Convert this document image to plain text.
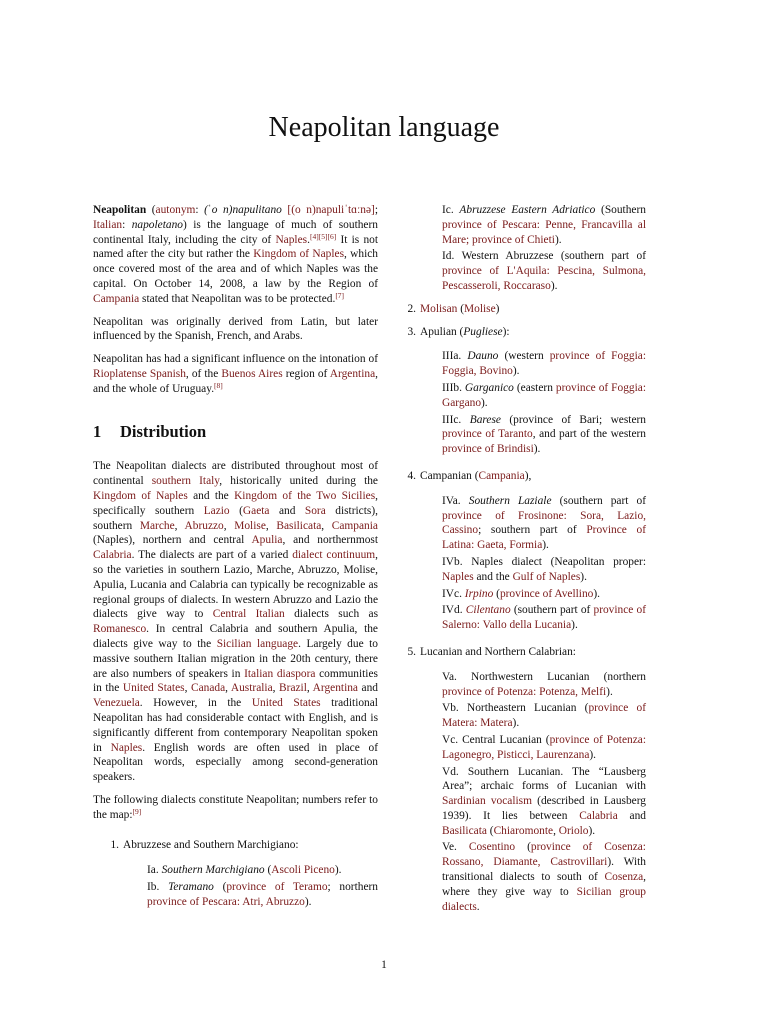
Neapolitan language

Neapolitan (autonym: (ˈo n)napulitano [(o n)napuliˈtɑːnə]; Italian: napoletano) is the language of much of southern continental Italy, including the city of Naples.[4][5][6] It is not named after the city but rather the Kingdom of Naples, which once covered most of the area and of which Naples was the capital. On October 14, 2008, a law by the Region of Campania stated that Neapolitan was to be protected.[7]

Neapolitan was originally derived from Latin, but later influenced by the Spanish, French, and Arabs.

Neapolitan has had a significant influence on the intonation of Rioplatense Spanish, of the Buenos Aires region of Argentina, and the whole of Uruguay.[8]

1 Distribution

The Neapolitan dialects are distributed throughout most of continental southern Italy, historically united during the Kingdom of Naples and the Kingdom of the Two Sicilies, specifically southern Lazio (Gaeta and Sora districts), southern Marche, Abruzzo, Molise, Basilicata, Campania (Naples), northern and central Apulia, and northernmost Calabria. The dialects are part of a varied dialect continuum, so the varieties in southern Lazio, Marche, Abruzzo, Molise, Apulia, Lucania and Calabria can typically be recognizable as regional groups of dialects. In western Abruzzo and Lazio the dialects give way to Central Italian dialects such as Romanesco. In central Calabria and southern Apulia, the dialects give way to the Sicilian language. Largely due to massive southern Italian migration in the 20th century, there are also numbers of speakers in Italian diaspora communities in the United States, Canada, Australia, Brazil, Argentina and Venezuela. However, in the United States traditional Neapolitan has had considerable contact with English, and is significantly different from contemporary Neapolitan spoken in Naples. English words are often used in place of Neapolitan words, especially among second-generation speakers.

The following dialects constitute Neapolitan; numbers refer to the map:[9]

1. Abruzzese and Southern Marchigiano:
Ia. Southern Marchigiano (Ascoli Piceno).
Ib. Teramano (province of Teramo; northern province of Pescara: Atri, Abruzzo).
Ic. Abruzzese Eastern Adriatico (Southern province of Pescara: Penne, Francavilla al Mare; province of Chieti).
Id. Western Abruzzese (southern part of province of L'Aquila: Pescina, Sulmona, Pescasseroli, Roccaraso).
2. Molisan (Molise)
3. Apulian (Pugliese):
IIIa. Dauno (western province of Foggia: Foggia, Bovino).
IIIb. Garganico (eastern province of Foggia: Gargano).
IIIc. Barese (province of Bari; western province of Taranto, and part of the western province of Brindisi).
4. Campanian (Campania),
IVa. Southern Laziale (southern part of province of Frosinone: Sora, Lazio, Cassino; southern part of Province of Latina: Gaeta, Formia).
IVb. Naples dialect (Neapolitan proper: Naples and the Gulf of Naples).
IVc. Irpino (province of Avellino).
IVd. Cilentano (southern part of province of Salerno: Vallo della Lucania).
5. Lucanian and Northern Calabrian:
Va. Northwestern Lucanian (northern province of Potenza: Potenza, Melfi).
Vb. Northeastern Lucanian (province of Matera: Matera).
Vc. Central Lucanian (province of Potenza: Lagonegro, Pisticci, Laurenzana).
Vd. Southern Lucanian. The “Lausberg Area”; archaic forms of Lucanian with Sardinian vocalism (described in Lausberg 1939). It lies between Calabria and Basilicata (Chiaromonte, Oriolo).
Ve. Cosentino (province of Cosenza: Rossano, Diamante, Castrovillari). With transitional dialects to south of Cosenza, where they give way to Sicilian group dialects.
1
